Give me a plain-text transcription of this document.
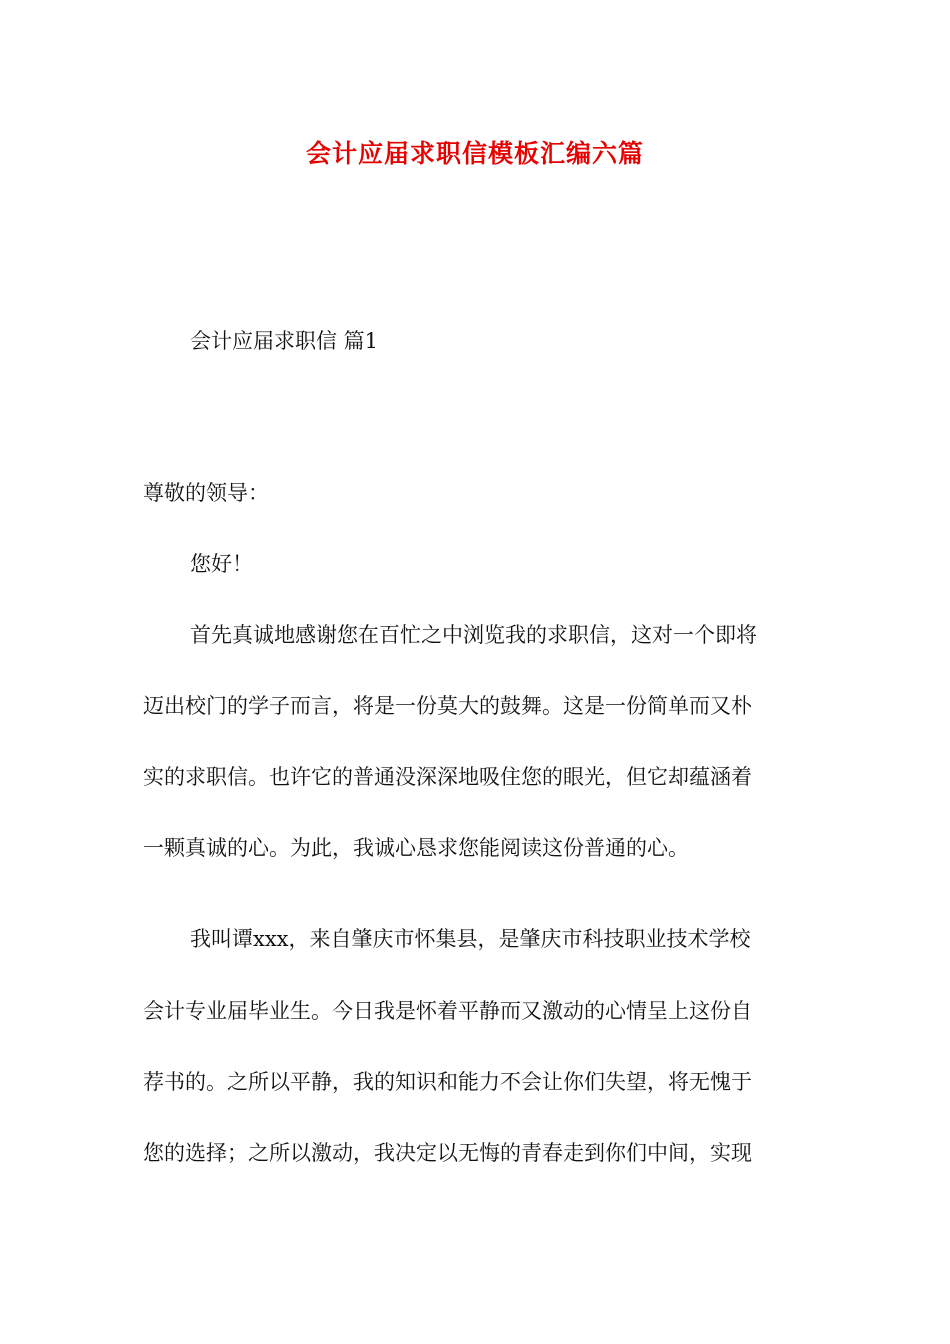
会计应届求职信模板汇编六篇
会计应届求职信 篇1
尊敬的领导：
您好！
首先真诚地感谢您在百忙之中浏览我的求职信，这对一个即将
迈出校门的学子而言，将是一份莫大的鼓舞。这是一份简单而又朴
实的求职信。也许它的普通没深深地吸住您的眼光，但它却蕴涵着
一颗真诚的心。为此，我诚心恳求您能阅读这份普通的心。
我叫谭xxx，来自肇庆市怀集县，是肇庆市科技职业技术学校
会计专业届毕业生。今日我是怀着平静而又激动的心情呈上这份自
荐书的。之所以平静，我的知识和能力不会让你们失望，将无愧于
您的选择；之所以激动，我决定以无悔的青春走到你们中间，实现
